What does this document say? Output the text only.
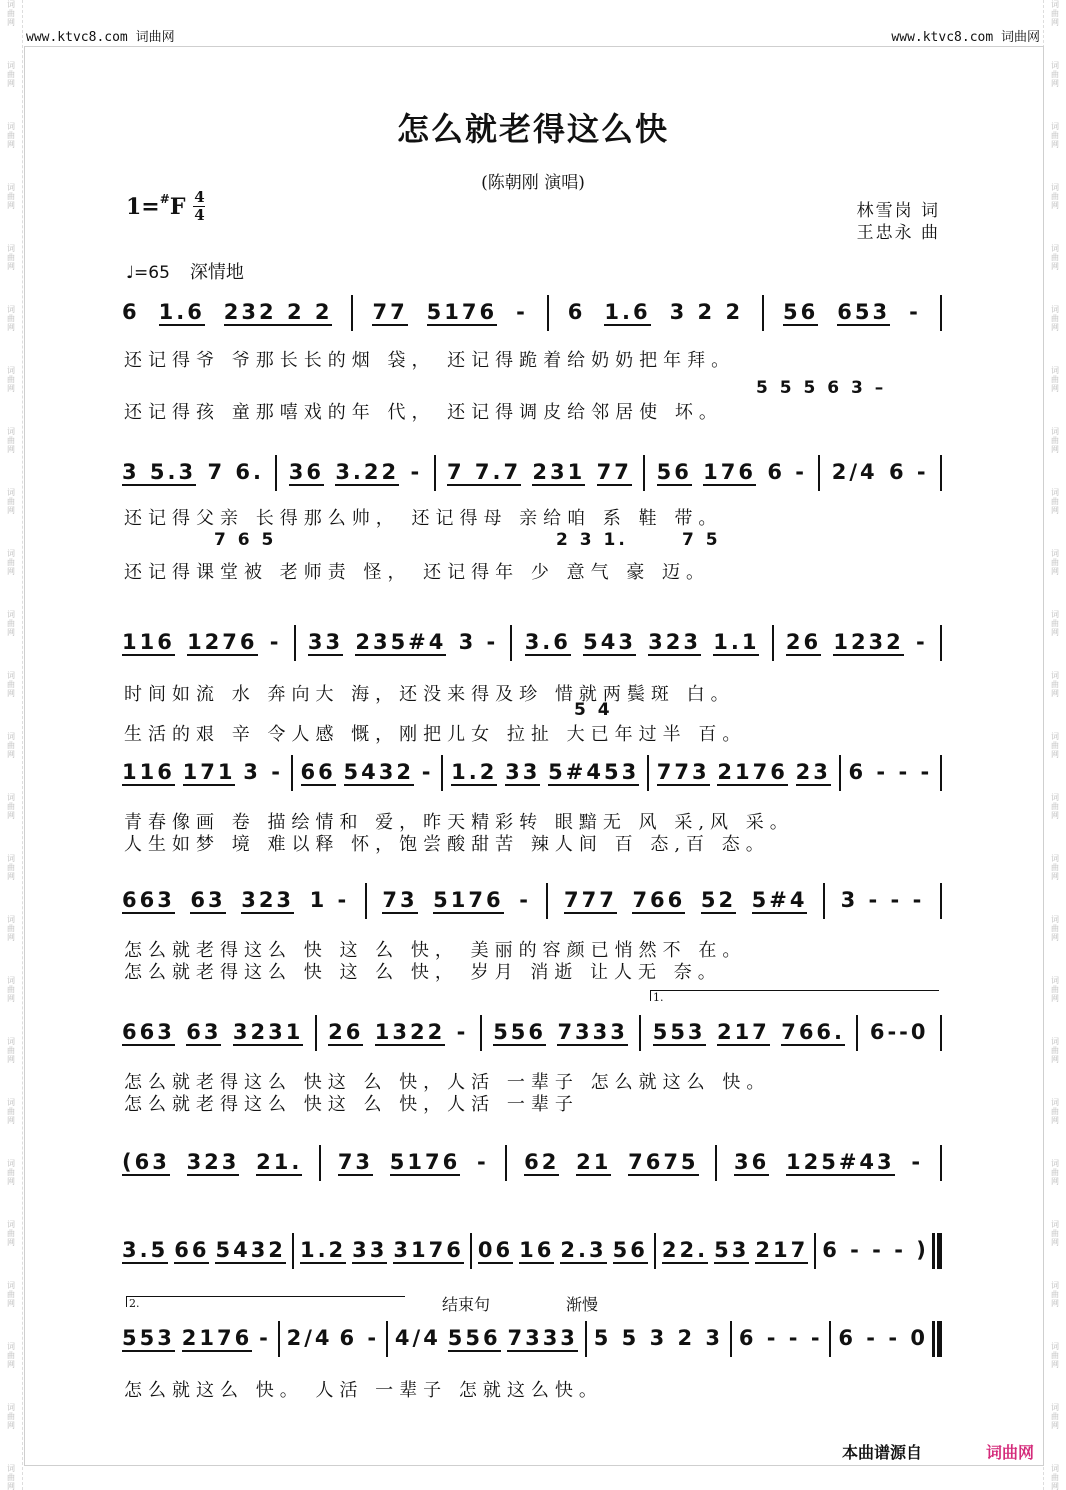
词
曲
网
词
曲
网
词
曲
网
词
曲
网
词
曲
网
词
曲
网
词
曲
网
词
曲
网
词
曲
网
词
曲
网
词
曲
网
词
曲
网
词
曲
网
词
曲
网
词
曲
网
词
曲
网
词
曲
网
词
曲
网
词
曲
网
词
曲
网
词
曲
网
词
曲
网
词
曲
网
词
曲
网
词
曲
网
词
曲
网
词
曲
网
词
曲
网
词
曲
网
词
曲
网
词
曲
网
词
曲
网
词
曲
网
词
曲
网
词
曲
网
词
曲
网
词
曲
网
词
曲
网
词
曲
网
词
曲
网
词
曲
网
词
曲
网
词
曲
网
词
曲
网
词
曲
网
词
曲
网
词
曲
网
词
曲
网
词
曲
网
词
曲
网
www.ktvc8.com 词曲网	www.ktvc8.com 词曲网
怎么就老得这么快
(陈朝刚 演唱)
1= # F $\frac{4}{4}$	林雪岗 词
王忠永 曲
♩=65 深情地
6 1.6 232 2 2 77 5176 - 6 1.6 3 2 2 56 653 -
还记得爷 爷那长长的烟 袋， 还记得跪着给奶奶把年拜。
还记得孩 童那嘻戏的年 代， 还记得调皮给邻居使 坏。
5 5 5 6 3 –
3 5.3 7 6. 36 3.22 - 7 7.7 231 77 56 176 6 - 2/4 6 -
还记得父亲 长得那么帅， 还记得母 亲给咱 系 鞋 带。
还记得课堂被 老师责 怪， 还记得年 少 意气 豪 迈。
7 6 5	2 3 1.	7 5
116 1276 - 33 235#4 3 - 3.6 543 323 1.1 26 1232 -
时间如流 水 奔向大 海，还没来得及珍 惜就两鬓斑 白。
生活的艰 辛 令人感 慨，刚把儿女 拉扯 大已年过半 百。
5 4
116 171 3 - 66 5432 - 1.2 33 5#453 773 2176 23 6 - - -
青春像画 卷 描绘情和 爱，昨天精彩转 眼黯无 风 采,风 采。
人生如梦 境 难以释 怀，饱尝酸甜苦 辣人间 百 态,百 态。
663 63 323 1 - 73 5176 - 777 766 52 5#4 3 - - -
怎么就老得这么 快 这 么 快， 美丽的容颜已悄然不 在。
怎么就老得这么 快 这 么 快， 岁月 消逝 让人无 奈。
663 63 3231 26 1322 - 556 7333 553 217 766. 6--0
怎么就老得这么 快这 么 快，人活 一辈子 怎么就这么 快。
怎么就老得这么 快这 么 快，人活 一辈子
1.
(63 323 21. 73 5176 - 62 21 7675 36 125#43 -
3.5 66 5432 1.2 33 3176 06 16 2.3 56 22. 53 217 6 - - - )
553 2176 - 2/4 6 - 4/4 556 7333 5 5 3 2 3 6 - - - 6 - - 0
怎么就这么 快。 人活 一辈子 怎就这么快。
2.	结束句	渐慢
本曲谱源自	词曲网
